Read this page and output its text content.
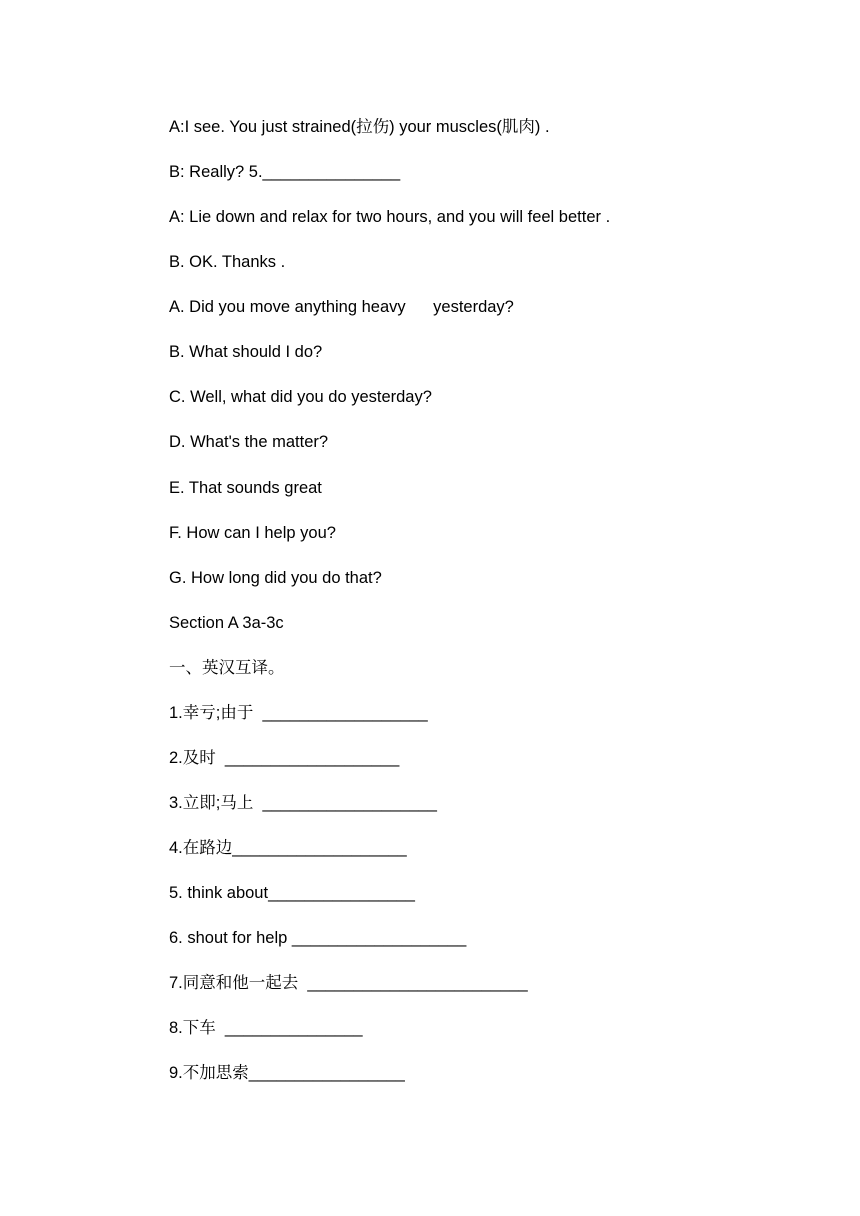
A:I see. You just strained(拉伤) your muscles(肌肉) .
B: Really? 5._______________
A: Lie down and relax for two hours, and you will feel better .
B. OK. Thanks .
A. Did you move anything heavy      yesterday?
B. What should I do?
C. Well, what did you do yesterday?
D. What's the matter?
E. That sounds great
F. How can I help you?
G. How long did you do that?
Section A 3a-3c
一、英汉互译。
1.幸亏;由于  __________________
2.及时  ___________________
3.立即;马上  ___________________
4.在路边___________________
5. think about________________
6. shout for help ___________________
7.同意和他一起去  ________________________
8.下车  _______________
9.不加思索_________________
